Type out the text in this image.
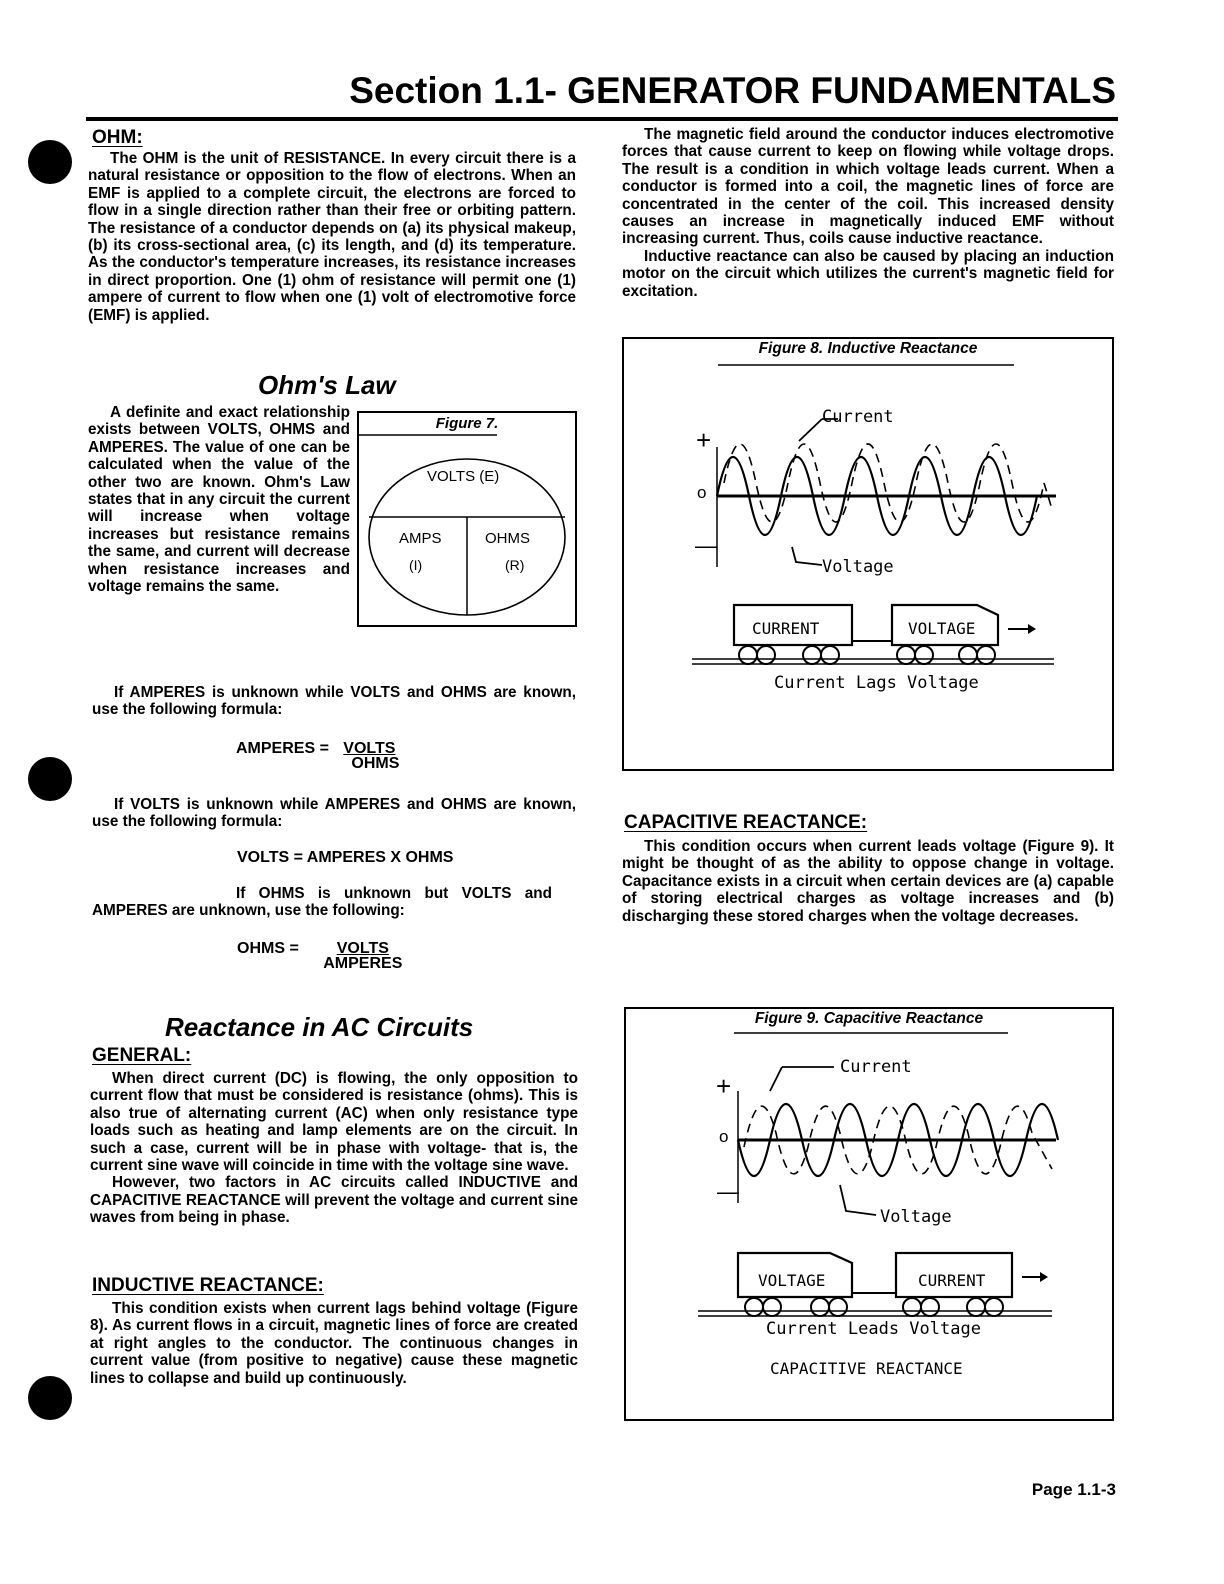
Section 1.1- GENERATOR FUNDAMENTALS
OHM:

The OHM is the unit of RESISTANCE. In every circuit there is a natural resistance or opposition to the flow of electrons. When an EMF is applied to a complete circuit, the electrons are forced to flow in a single direction rather than their free or orbiting pattern. The resistance of a conductor depends on (a) its physical makeup, (b) its cross-sectional area, (c) its length, and (d) its temperature. As the conductor's temperature increases, its resistance increases in direct proportion. One (1) ohm of resistance will permit one (1) ampere of current to flow when one (1) volt of electromotive force (EMF) is applied.

Ohm's Law

A definite and exact relationship exists between VOLTS, OHMS and AMPERES. The value of one can be calculated when the value of the other two are known. Ohm's Law states that in any circuit the current will increase when voltage increases but resistance remains the same, and current will decrease when resistance increases and voltage remains the same.

Figure 7.
VOLTS (E)
AMPS
(I)
OHMS
(R)

If AMPERES is unknown while VOLTS and OHMS are known, use the following formula:

AMPERES = VOLTS
OHMS

If VOLTS is unknown while AMPERES and OHMS are known, use the following formula:

VOLTS = AMPERES X OHMS

If OHMS is unknown but VOLTS and AMPERES are unknown, use the following:

OHMS =	VOLTS
AMPERES
Reactance in AC Circuits
GENERAL:

When direct current (DC) is flowing, the only opposition to current flow that must be considered is resistance (ohms). This is also true of alternating current (AC) when only resistance type loads such as heating and lamp elements are on the circuit. In such a case, current will be in phase with voltage- that is, the current sine wave will coincide in time with the voltage sine wave.

However, two factors in AC circuits called INDUCTIVE and CAPACITIVE REACTANCE will prevent the voltage and current sine waves from being in phase.

INDUCTIVE REACTANCE:

This condition exists when current lags behind voltage (Figure 8). As current flows in a circuit, magnetic lines of force are created at right angles to the conductor. The continuous changes in current value (from positive to negative) cause these magnetic lines to collapse and build up continuously.

The magnetic field around the conductor induces electromotive forces that cause current to keep on flowing while voltage drops. The result is a condition in which voltage leads current. When a conductor is formed into a coil, the magnetic lines of force are concentrated in the center of the coil. This increased density causes an increase in magnetically induced EMF without increasing current. Thus, coils cause inductive reactance.

Inductive reactance can also be caused by placing an induction motor on the circuit which utilizes the current's magnetic field for excitation.

Figure 8. Inductive Reactance
Current
+
o
—
Voltage
CURRENT	VOLTAGE
Current Lags Voltage
CAPACITIVE REACTANCE:

This condition occurs when current leads voltage (Figure 9). It might be thought of as the ability to oppose change in voltage. Capacitance exists in a circuit when certain devices are (a) capable of storing electrical charges as voltage increases and (b) discharging these stored charges when the voltage decreases.

Figure 9. Capacitive Reactance
Current
+
o
—
Voltage
VOLTAGE	CURRENT
Current Leads Voltage
CAPACITIVE REACTANCE
Page 1.1-3
